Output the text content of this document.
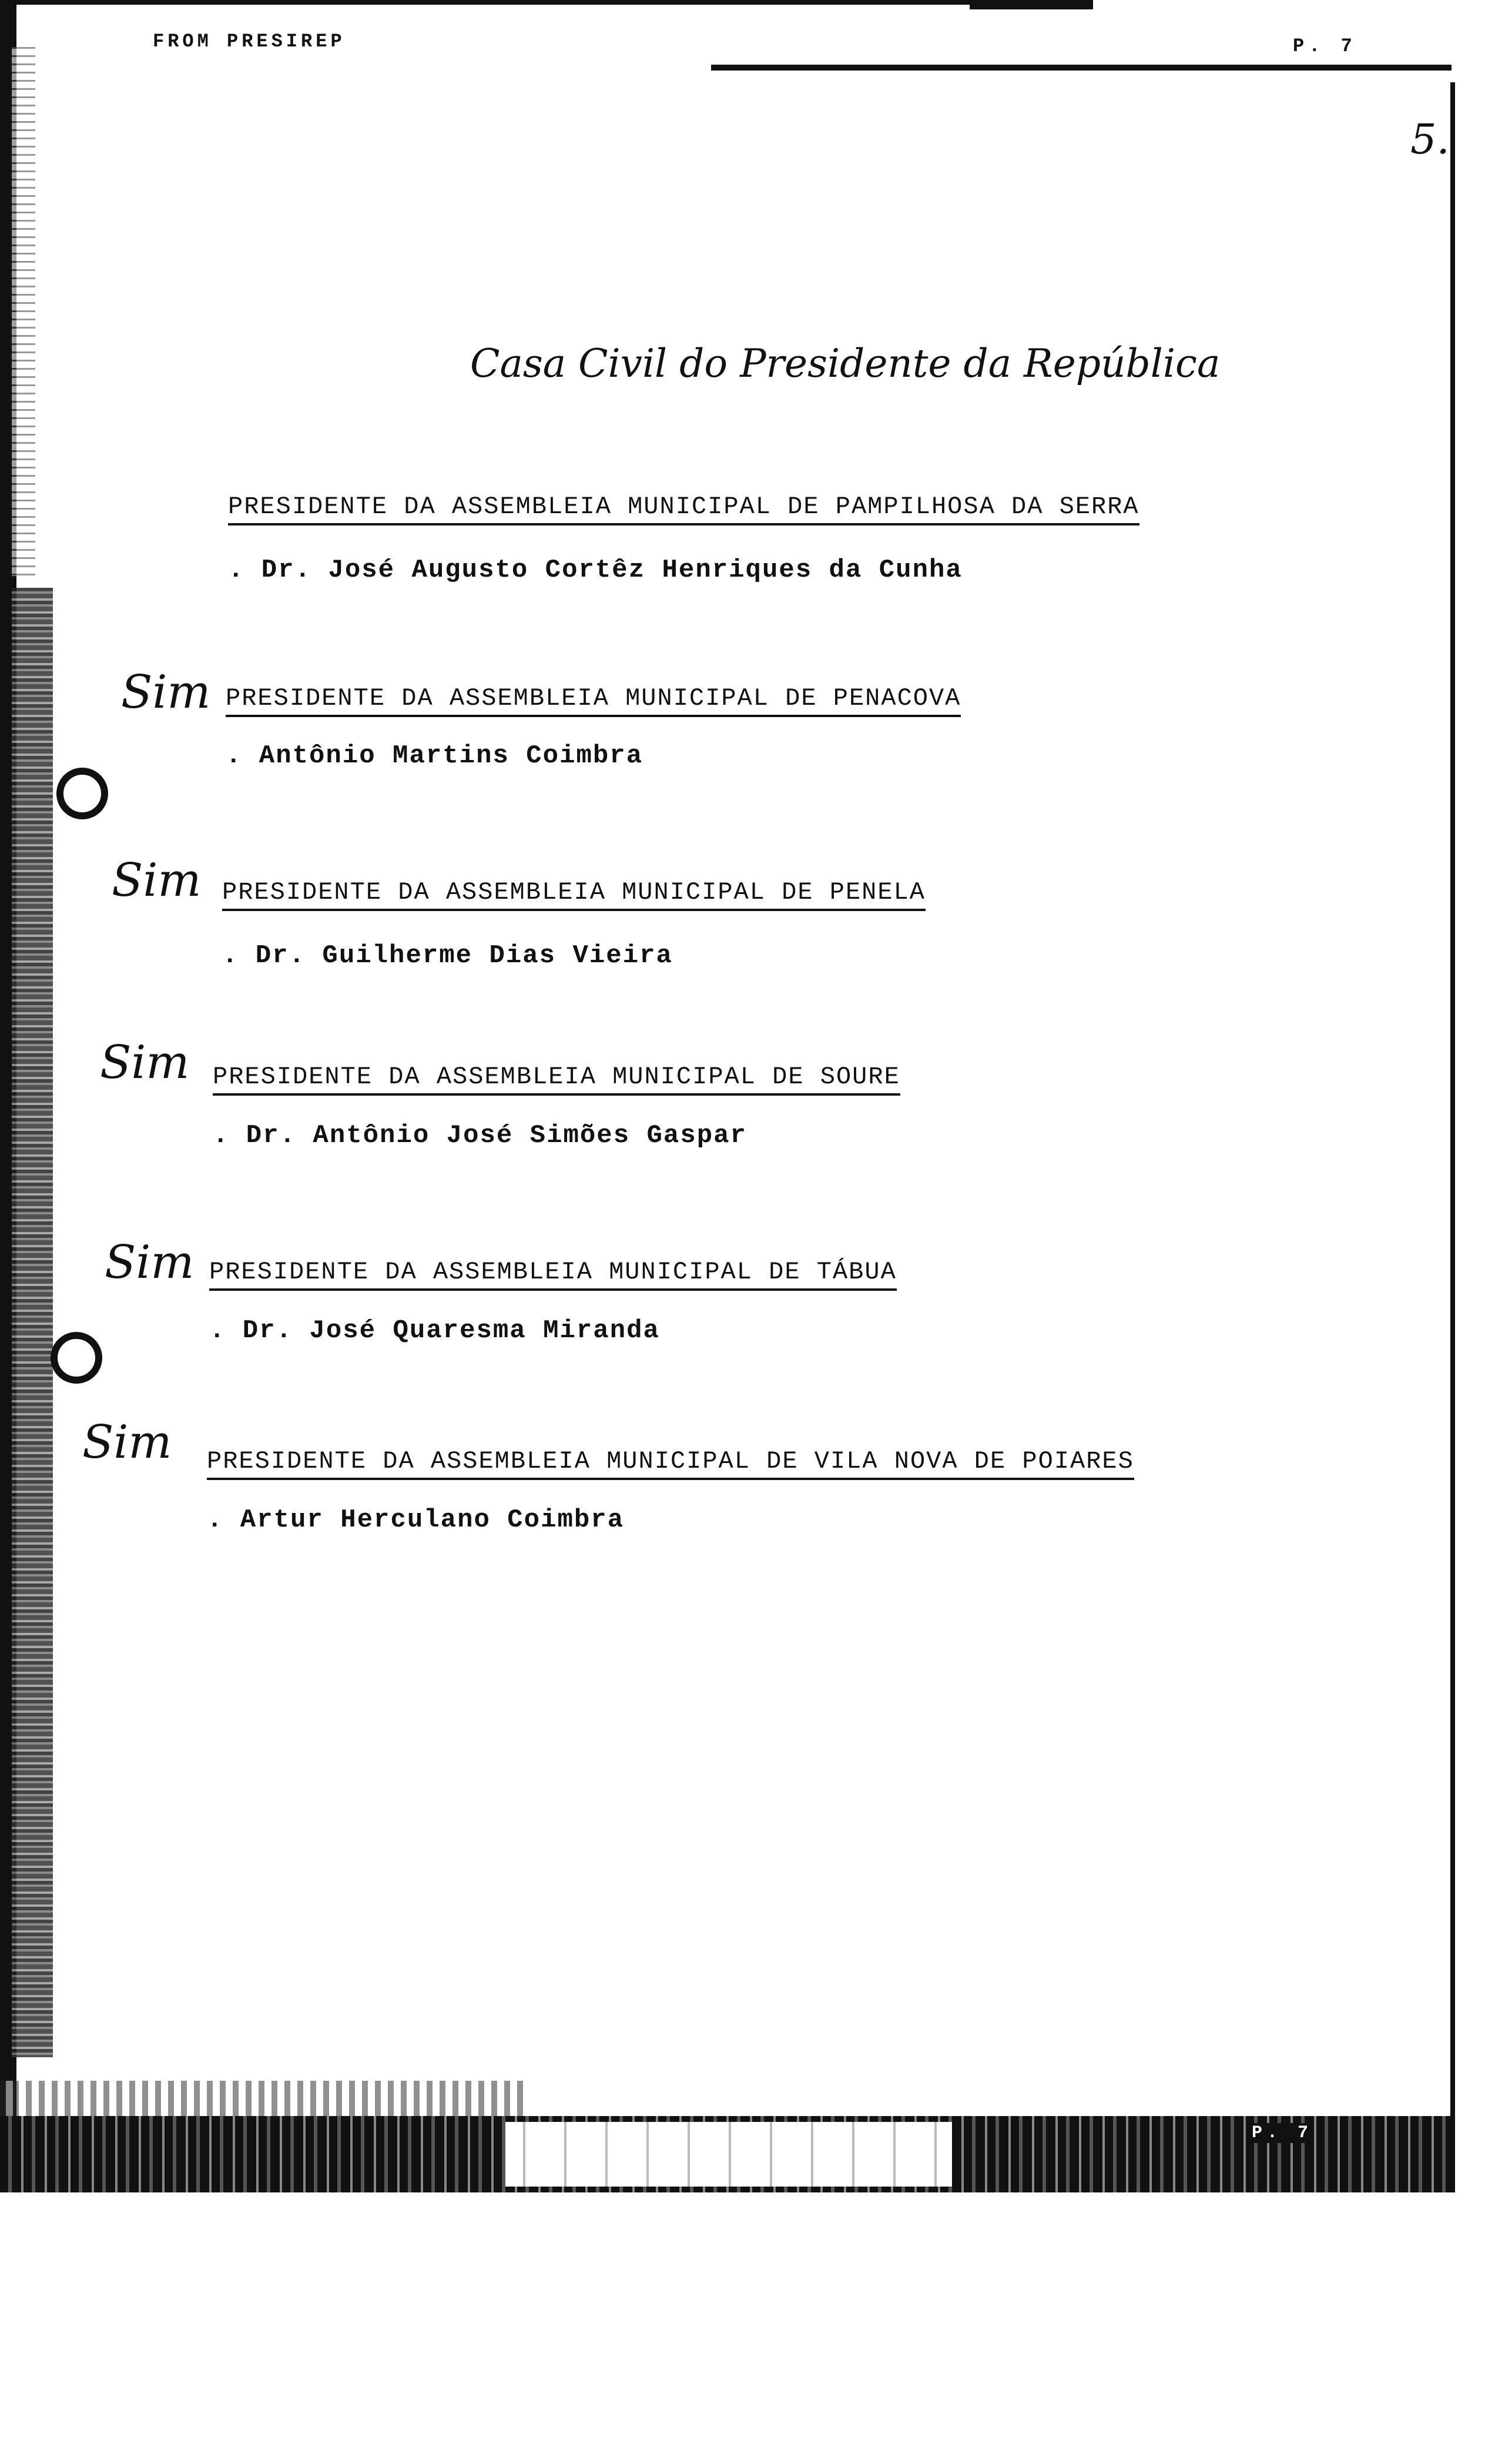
FROM PRESIREP	P. 7
5.
Casa Civil do Presidente da República
PRESIDENTE DA ASSEMBLEIA MUNICIPAL DE PAMPILHOSA DA SERRA
. Dr. José Augusto Cortêz Henriques da Cunha
Sim PRESIDENTE DA ASSEMBLEIA MUNICIPAL DE PENACOVA
. Antônio Martins Coimbra
Sim PRESIDENTE DA ASSEMBLEIA MUNICIPAL DE PENELA
. Dr. Guilherme Dias Vieira
Sim PRESIDENTE DA ASSEMBLEIA MUNICIPAL DE SOURE
. Dr. Antônio José Simões Gaspar
Sim PRESIDENTE DA ASSEMBLEIA MUNICIPAL DE TÁBUA
. Dr. José Quaresma Miranda
Sim PRESIDENTE DA ASSEMBLEIA MUNICIPAL DE VILA NOVA DE POIARES
. Artur Herculano Coimbra
P. 7
